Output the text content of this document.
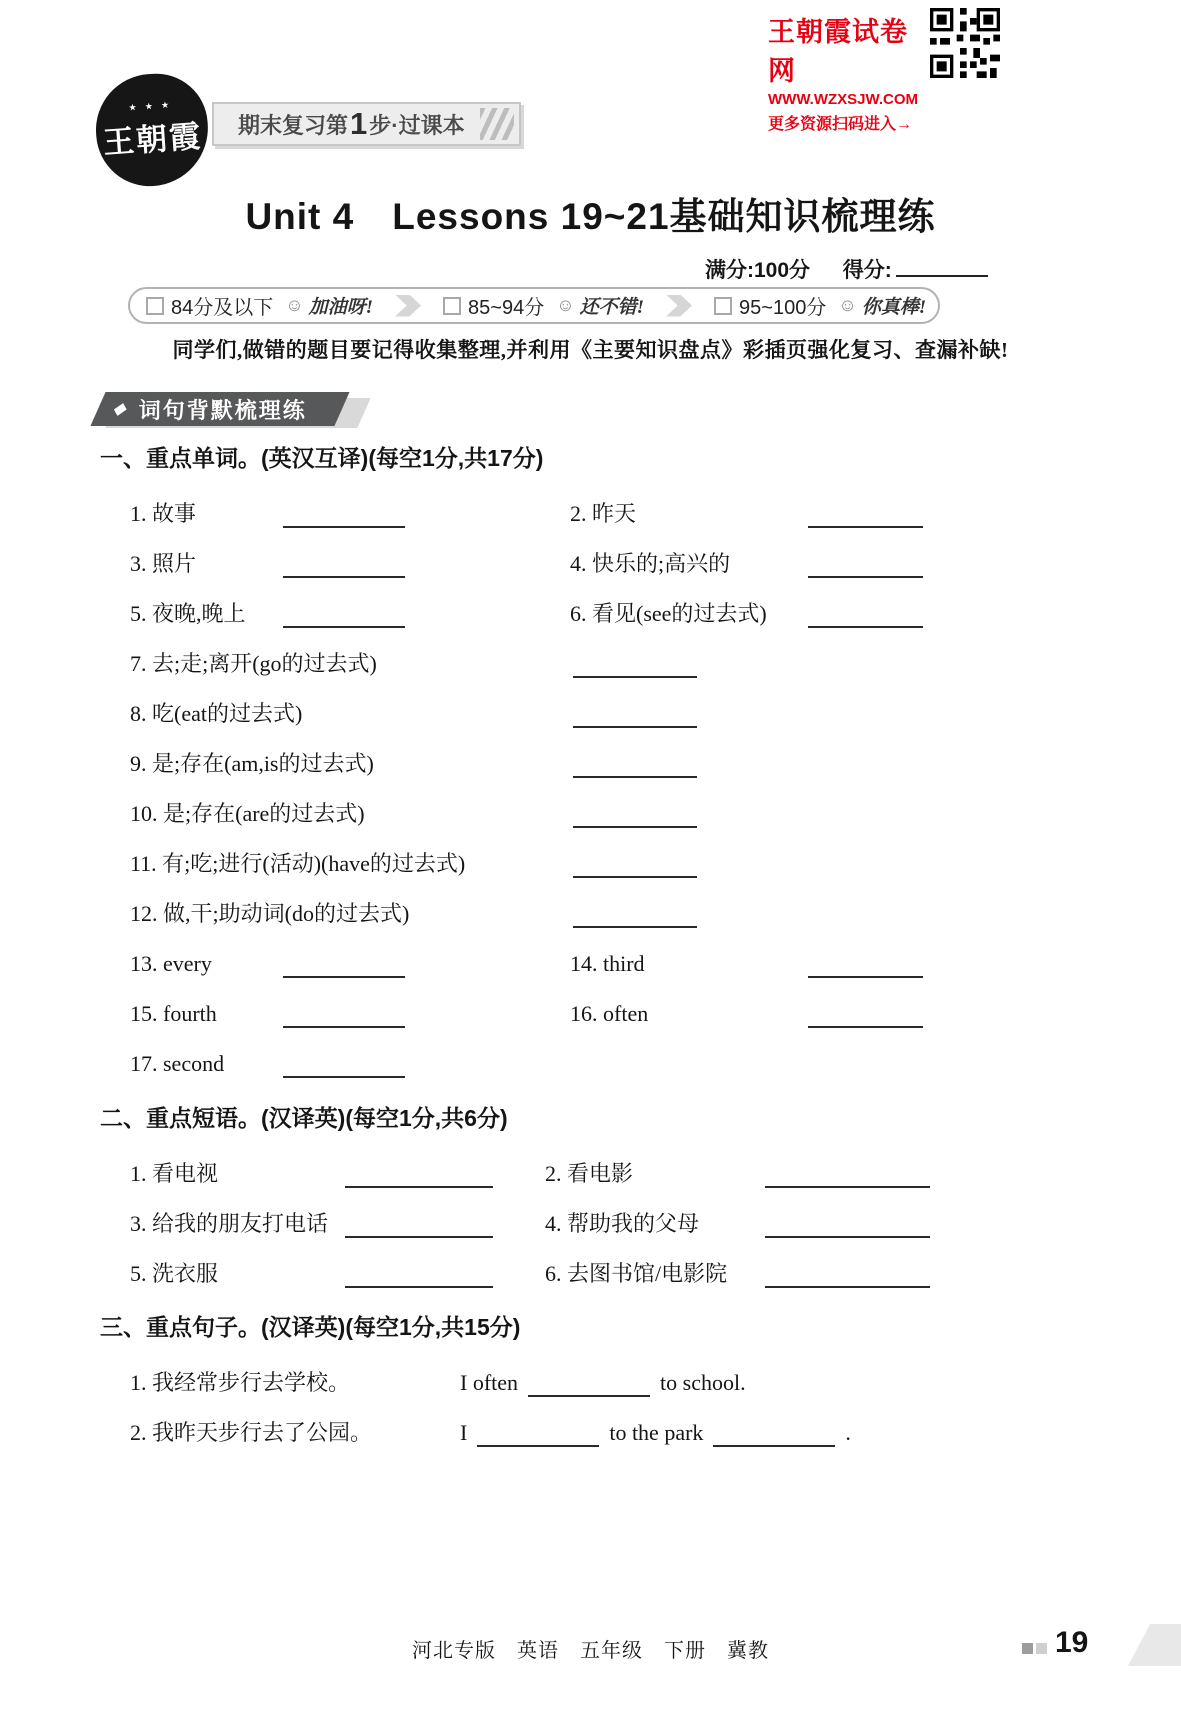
王朝霞试卷网
WWW.WZXSJW.COM
更多资源扫码进入→
★ ★ ★
王朝霞 期末复习第 1 步·过课本
Unit 4　Lessons 19~21基础知识梳理练
满分:100分 　 得分:
84分及以下 ☺ 加油呀!	85~94分 ☺ 还不错!	95~100分 ☺ 你真棒!
同学们,做错的题目要记得收集整理,并利用《主要知识盘点》彩插页强化复习、查漏补缺!
词句背默梳理练
一、重点单词。(英汉互译)(每空1分,共17分)
1. 故事	2. 昨天
3. 照片	4. 快乐的;高兴的
5. 夜晚,晚上	6. 看见(see的过去式)
7. 去;走;离开(go的过去式)
8. 吃(eat的过去式)
9. 是;存在(am,is的过去式)
10. 是;存在(are的过去式)
11. 有;吃;进行(活动)(have的过去式)
12. 做,干;助动词(do的过去式)
13. every	14. third
15. fourth	16. often
17. second
二、重点短语。(汉译英)(每空1分,共6分)
1. 看电视	2. 看电影
3. 给我的朋友打电话	4. 帮助我的父母
5. 洗衣服	6. 去图书馆/电影院
三、重点句子。(汉译英)(每空1分,共15分)
1. 我经常步行去学校。	I often	to school.
2. 我昨天步行去了公园。	I	to the park	.
河北专版　英语　五年级　下册　冀教	19
